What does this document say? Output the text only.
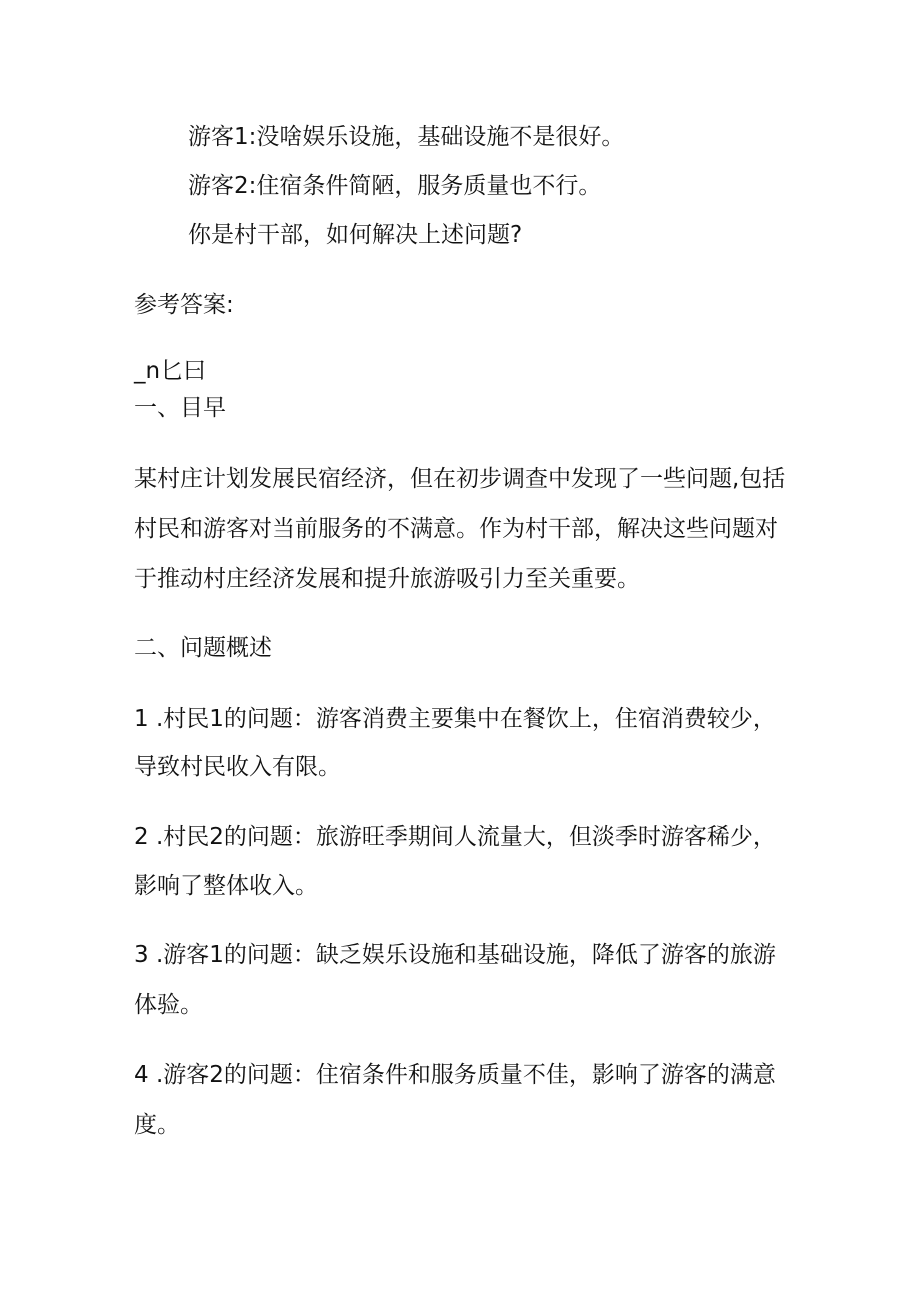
游客1:没啥娱乐设施，基础设施不是很好。
游客2:住宿条件简陋，服务质量也不行。
你是村干部，如何解决上述问题?
参考答案:
_n匕曰
一、目早
某村庄计划发展民宿经济，但在初步调查中发现了一些问题,包括
村民和游客对当前服务的不满意。作为村干部，解决这些问题对
于推动村庄经济发展和提升旅游吸引力至关重要。
二、问题概述
1 .村民1的问题：游客消费主要集中在餐饮上，住宿消费较少，
导致村民收入有限。
2 .村民2的问题：旅游旺季期间人流量大，但淡季时游客稀少，
影响了整体收入。
3 .游客1的问题：缺乏娱乐设施和基础设施，降低了游客的旅游
体验。
4 .游客2的问题：住宿条件和服务质量不佳，影响了游客的满意
度。
